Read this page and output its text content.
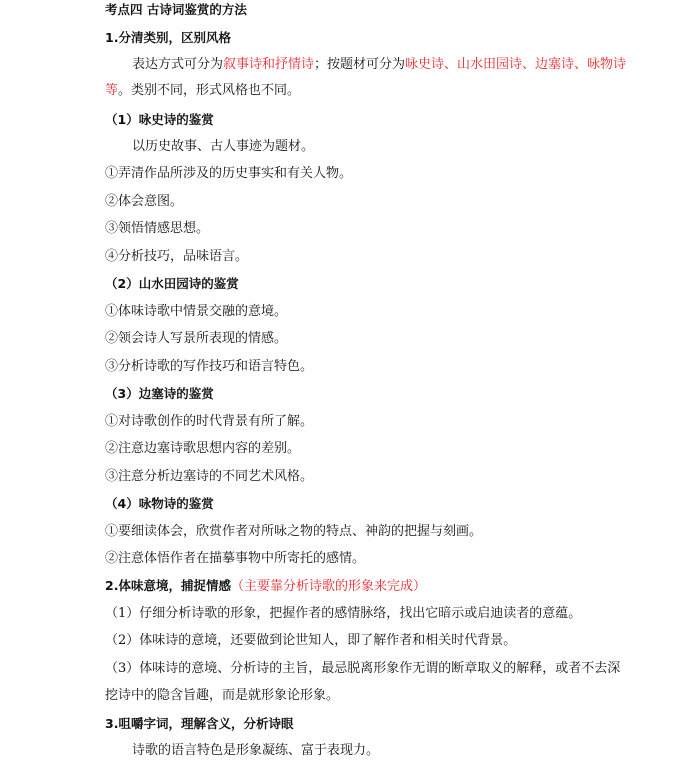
考点四 古诗词鉴赏的方法
1.分清类别，区别风格
表达方式可分为叙事诗和抒情诗；按题材可分为咏史诗、山水田园诗、边塞诗、咏物诗
等。类别不同，形式风格也不同。
（1）咏史诗的鉴赏
以历史故事、古人事迹为题材。
①弄清作品所涉及的历史事实和有关人物。
②体会意图。
③领悟情感思想。
④分析技巧，品味语言。
（2）山水田园诗的鉴赏
①体味诗歌中情景交融的意境。
②领会诗人写景所表现的情感。
③分析诗歌的写作技巧和语言特色。
（3）边塞诗的鉴赏
①对诗歌创作的时代背景有所了解。
②注意边塞诗歌思想内容的差别。
③注意分析边塞诗的不同艺术风格。
（4）咏物诗的鉴赏
①要细读体会，欣赏作者对所咏之物的特点、神韵的把握与刻画。
②注意体悟作者在描摹事物中所寄托的感情。
2.体味意境，捕捉情感（主要靠分析诗歌的形象来完成）
（1）仔细分析诗歌的形象，把握作者的感情脉络，找出它暗示或启迪读者的意蕴。
（2）体味诗的意境，还要做到论世知人，即了解作者和相关时代背景。
（3）体味诗的意境、分析诗的主旨，最忌脱离形象作无谓的断章取义的解释，或者不去深
挖诗中的隐含旨趣，而是就形象论形象。
3.咀嚼字词，理解含义，分析诗眼
诗歌的语言特色是形象凝练、富于表现力。
